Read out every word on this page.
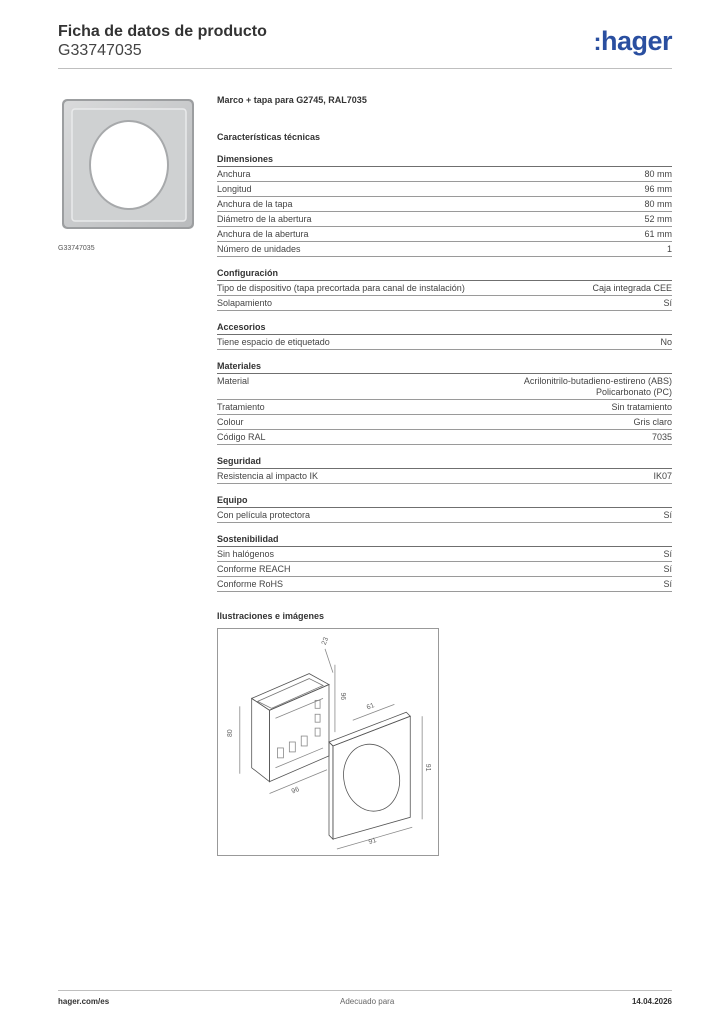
Ficha de datos de producto
G33747035	:hager
G33747035
Marco + tapa para G2745, RAL7035
Características técnicas
Dimensiones
Anchura	80 mm
Longitud	96 mm
Anchura de la tapa	80 mm
Diámetro de la abertura	52 mm
Anchura de la abertura	61 mm
Número de unidades	1
Configuración
Tipo de dispositivo (tapa precortada para canal de instalación)	Caja integrada CEE
Solapamiento	Sí
Accesorios
Tiene espacio de etiquetado	No
Materiales
Material	Acrilonitrilo-butadieno-estireno (ABS)
Policarbonato (PC)
Tratamiento	Sin tratamiento
Colour	Gris claro
Código RAL	7035
Seguridad
Resistencia al impacto IK	IK07
Equipo
Con película protectora	Sí
Sostenibilidad
Sin halógenos	Sí
Conforme REACH	Sí
Conforme RoHS	Sí
Ilustraciones e imágenes
23
80
96
96
61
91
91
hager.com/es	Adecuado para	14.04.2026
